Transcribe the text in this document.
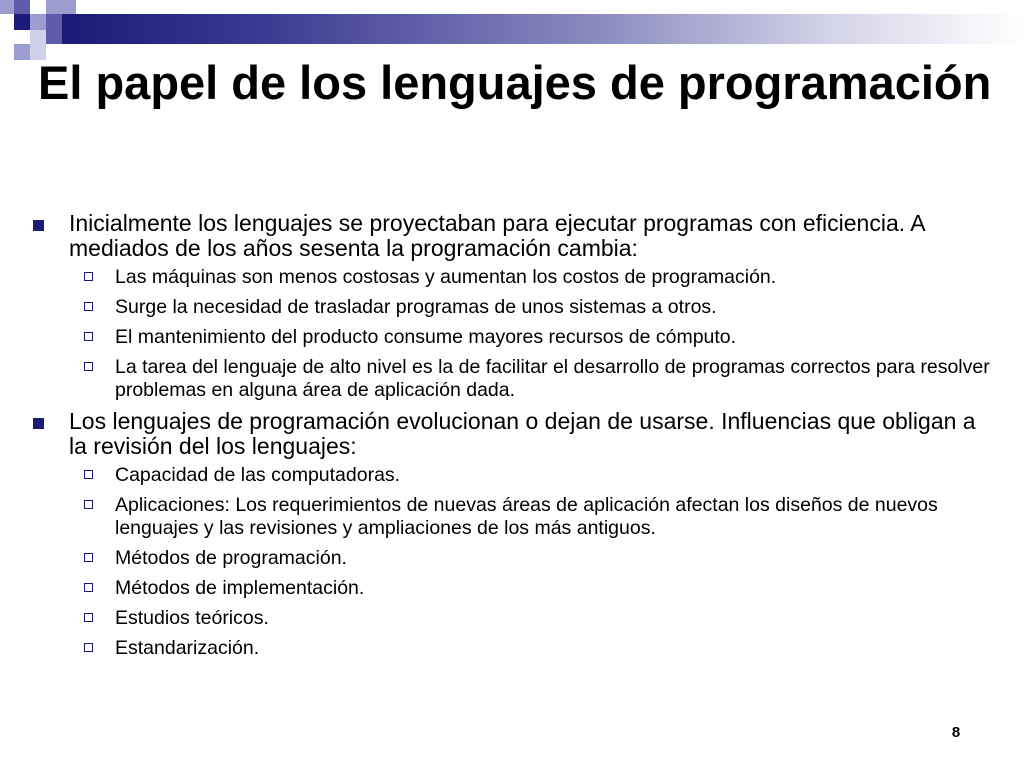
El papel de los lenguajes de programación
Inicialmente los lenguajes se proyectaban para ejecutar programas con eficiencia. A mediados de los años sesenta la programación cambia:
Las máquinas son menos costosas y aumentan los costos de programación.
Surge la necesidad de trasladar programas de unos sistemas a otros.
El mantenimiento del producto consume mayores recursos de cómputo.
La tarea del lenguaje de alto nivel es la de facilitar el desarrollo de programas correctos para resolver problemas en alguna área de aplicación dada.
Los lenguajes de programación evolucionan o dejan de usarse. Influencias que obligan a la revisión del los lenguajes:
Capacidad de las computadoras.
Aplicaciones: Los requerimientos de nuevas áreas de aplicación afectan los diseños de nuevos lenguajes y las revisiones y ampliaciones de los más antiguos.
Métodos de programación.
Métodos de implementación.
Estudios teóricos.
Estandarización.
8
